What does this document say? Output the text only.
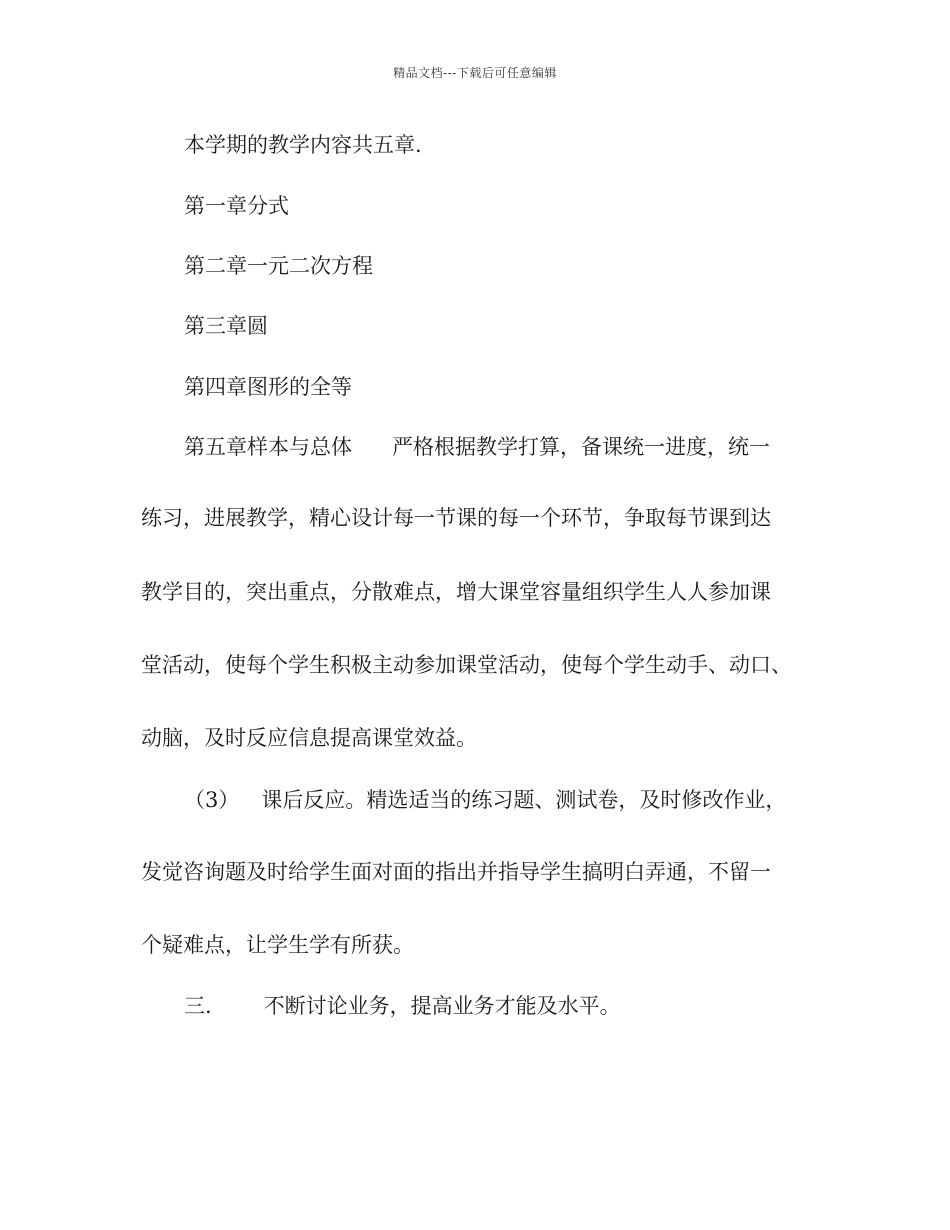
精品文档---下载后可任意编辑
本学期的教学内容共五章.
第一章分式
第二章一元二次方程
第三章圆
第四章图形的全等
第五章样本与总体 严格根据教学打算，备课统一进度，统一
练习，进展教学，精心设计每一节课的每一个环节，争取每节课到达
教学目的，突出重点，分散难点，增大课堂容量组织学生人人参加课
堂活动，使每个学生积极主动参加课堂活动，使每个学生动手、动口、
动脑，及时反应信息提高课堂效益。
（3） 课后反应。精选适当的练习题、测试卷，及时修改作业，
发觉咨询题及时给学生面对面的指出并指导学生搞明白弄通，不留一
个疑难点，让学生学有所获。
三. 不断讨论业务，提高业务才能及水平。
